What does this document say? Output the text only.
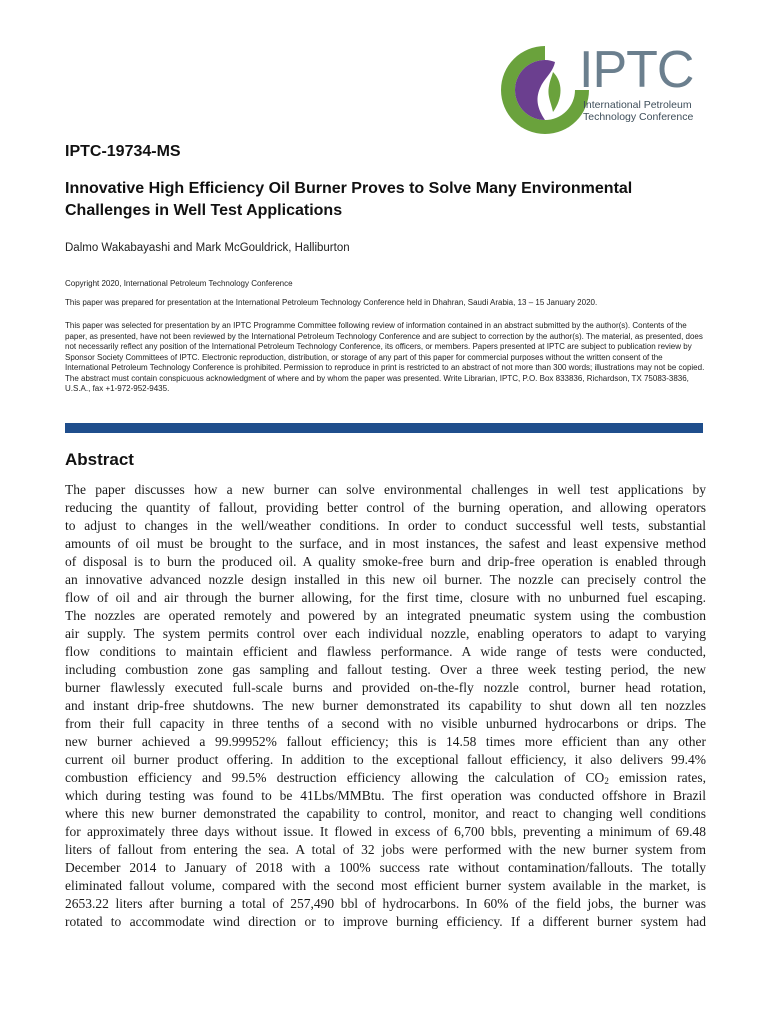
IPTC
International Petroleum
Technology Conference
IPTC-19734-MS
Innovative High Efficiency Oil Burner Proves to Solve Many Environmental Challenges in Well Test Applications
Dalmo Wakabayashi and Mark McGouldrick, Halliburton
Copyright 2020, International Petroleum Technology Conference
This paper was prepared for presentation at the International Petroleum Technology Conference held in Dhahran, Saudi Arabia, 13 – 15 January 2020.
This paper was selected for presentation by an IPTC Programme Committee following review of information contained in an abstract submitted by the author(s). Contents of the paper, as presented, have not been reviewed by the International Petroleum Technology Conference and are subject to correction by the author(s). The material, as presented, does not necessarily reflect any position of the International Petroleum Technology Conference, its officers, or members. Papers presented at IPTC are subject to publication review by Sponsor Society Committees of IPTC. Electronic reproduction, distribution, or storage of any part of this paper for commercial purposes without the written consent of the International Petroleum Technology Conference is prohibited. Permission to reproduce in print is restricted to an abstract of not more than 300 words; illustrations may not be copied. The abstract must contain conspicuous acknowledgment of where and by whom the paper was presented. Write Librarian, IPTC, P.O. Box 833836, Richardson, TX 75083-3836, U.S.A., fax +1-972-952-9435.
Abstract
The paper discusses how a new burner can solve environmental challenges in well test applications by
reducing the quantity of fallout, providing better control of the burning operation, and allowing operators
to adjust to changes in the well/weather conditions. In order to conduct successful well tests, substantial
amounts of oil must be brought to the surface, and in most instances, the safest and least expensive method
of disposal is to burn the produced oil. A quality smoke-free burn and drip-free operation is enabled through
an innovative advanced nozzle design installed in this new oil burner. The nozzle can precisely control the
flow of oil and air through the burner allowing, for the first time, closure with no unburned fuel escaping.
The nozzles are operated remotely and powered by an integrated pneumatic system using the combustion
air supply. The system permits control over each individual nozzle, enabling operators to adapt to varying
flow conditions to maintain efficient and flawless performance. A wide range of tests were conducted,
including combustion zone gas sampling and fallout testing. Over a three week testing period, the new
burner flawlessly executed full-scale burns and provided on-the-fly nozzle control, burner head rotation,
and instant drip-free shutdowns. The new burner demonstrated its capability to shut down all ten nozzles
from their full capacity in three tenths of a second with no visible unburned hydrocarbons or drips. The
new burner achieved a 99.99952% fallout efficiency; this is 14.58 times more efficient than any other
current oil burner product offering. In addition to the exceptional fallout efficiency, it also delivers 99.4%
combustion efficiency and 99.5% destruction efficiency allowing the calculation of $CO_2$ emission rates,
which during testing was found to be 41Lbs/MMBtu. The first operation was conducted offshore in Brazil
where this new burner demonstrated the capability to control, monitor, and react to changing well conditions
for approximately three days without issue. It flowed in excess of 6,700 bbls, preventing a minimum of 69.48
liters of fallout from entering the sea. A total of 32 jobs were performed with the new burner system from
December 2014 to January of 2018 with a 100% success rate without contamination/fallouts. The totally
eliminated fallout volume, compared with the second most efficient burner system available in the market, is
2653.22 liters after burning a total of 257,490 bbl of hydrocarbons. In 60% of the field jobs, the burner was
rotated to accommodate wind direction or to improve burning efficiency. If a different burner system had
